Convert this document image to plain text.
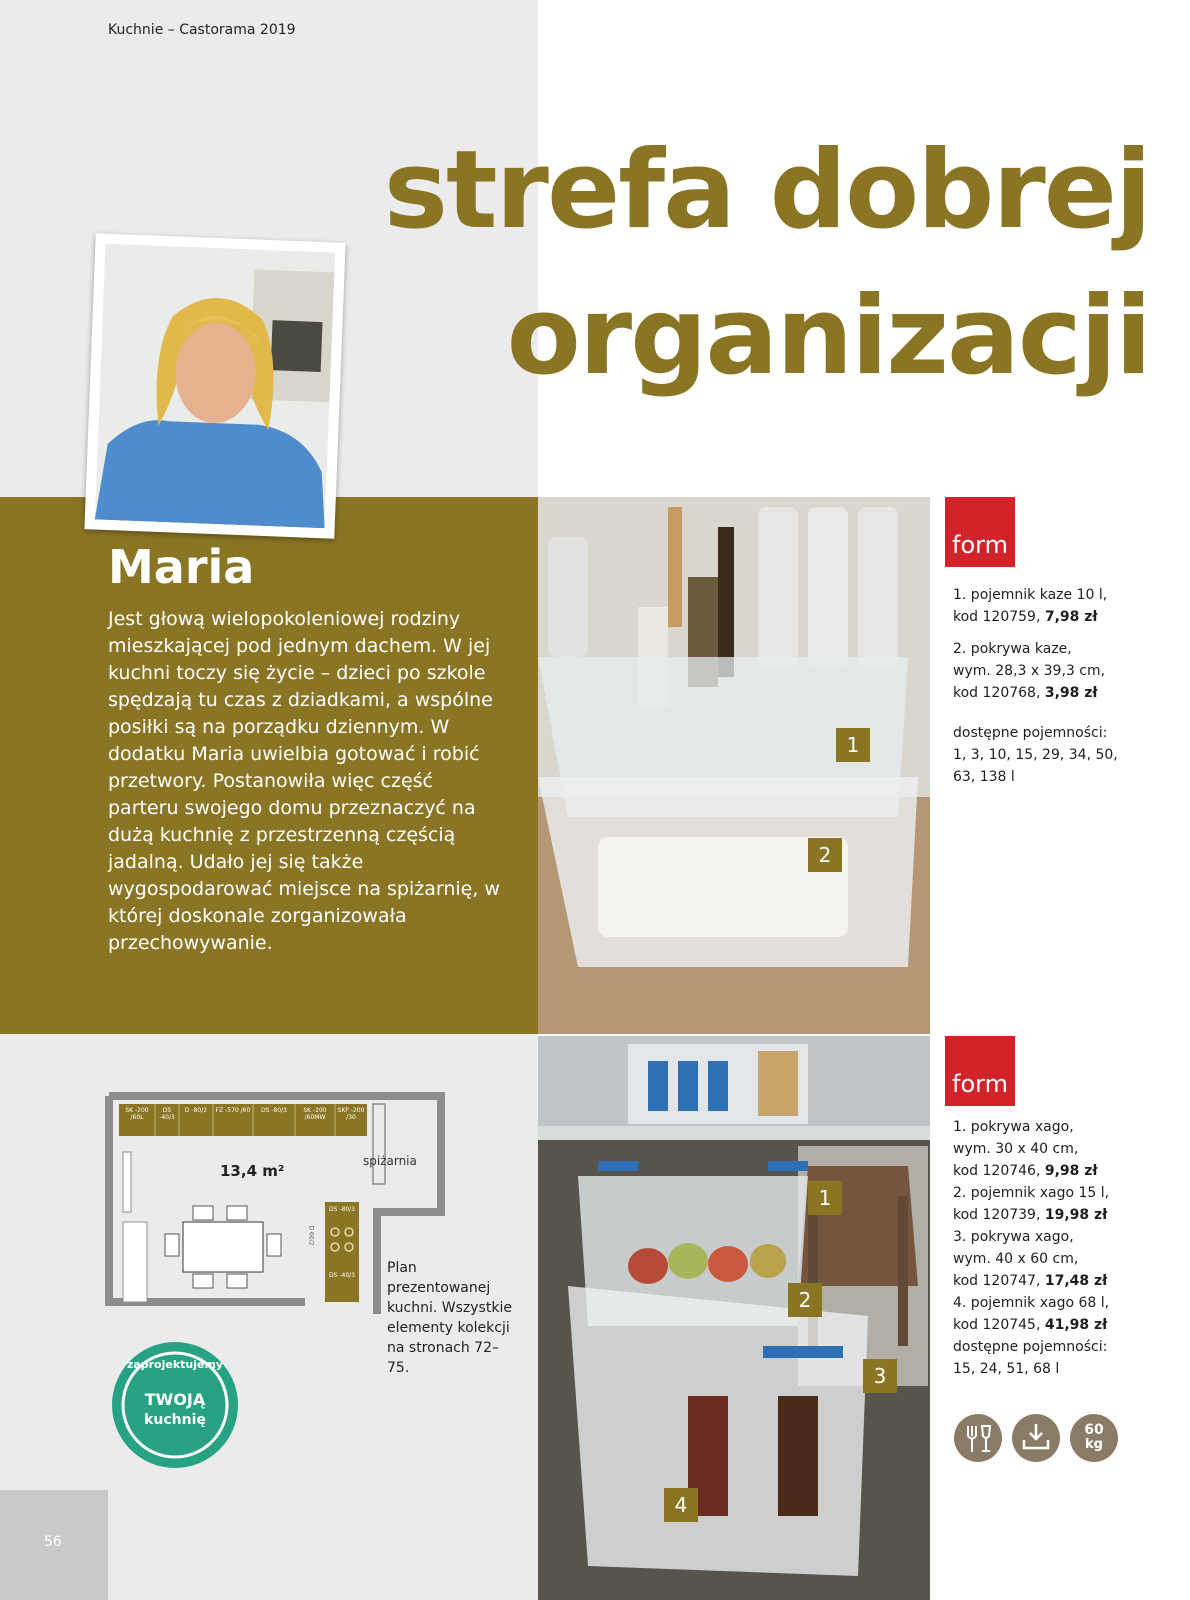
Kuchnie – Castorama 2019
strefa dobrej
organizacji
Maria
Jest głową wielopokoleniowej rodziny mieszkającej pod jednym dachem. W jej kuchni toczy się życie – dzieci po szkole spędzają tu czas z dziadkami, a wspólne posiłki są na porządku dziennym. W dodatku Maria uwielbia gotować i robić przetwory. Postanowiła więc część parteru swojego domu przeznaczyć na dużą kuchnię z przestrzenną częścią jadalną. Udało jej się także wygospodarować miejsce na spiżarnię, w której doskonale zorganizowała przechowywanie.
1
2
form

1. pojemnik kaze 10 l,

kod 120759, 7,98 zł

2. pokrywa kaze,

wym. 28,3 x 39,3 cm,

kod 120768, 3,98 zł

dostępne pojemności:

1, 3, 10, 15, 29, 34, 50,

63, 138 l

1
2
3
4
form

1. pokrywa xago,

wym. 30 x 40 cm,

kod 120746, 9,98 zł

2. pojemnik xago 15 l,

kod 120739, 19,98 zł

3. pokrywa xago,

wym. 40 x 60 cm,

kod 120747, 17,48 zł

4. pojemnik xago 68 l,

kod 120745, 41,98 zł

dostępne pojemności:

15, 24, 51, 68 l

60
kg
SK -200 /60L
DS -40/3
D -80/2	FZ -570 /60	DS -80/3	SK -200 /60MW
SKP -200 /30
DS -80/3
DS -40/3
D 60/2
13,4 m²
spiżarnia
Plan prezentowanej kuchni. Wszystkie elementy kolekcji na stronach 72–75.
zaprojektujemy
TWOJĄ
kuchnię
56
